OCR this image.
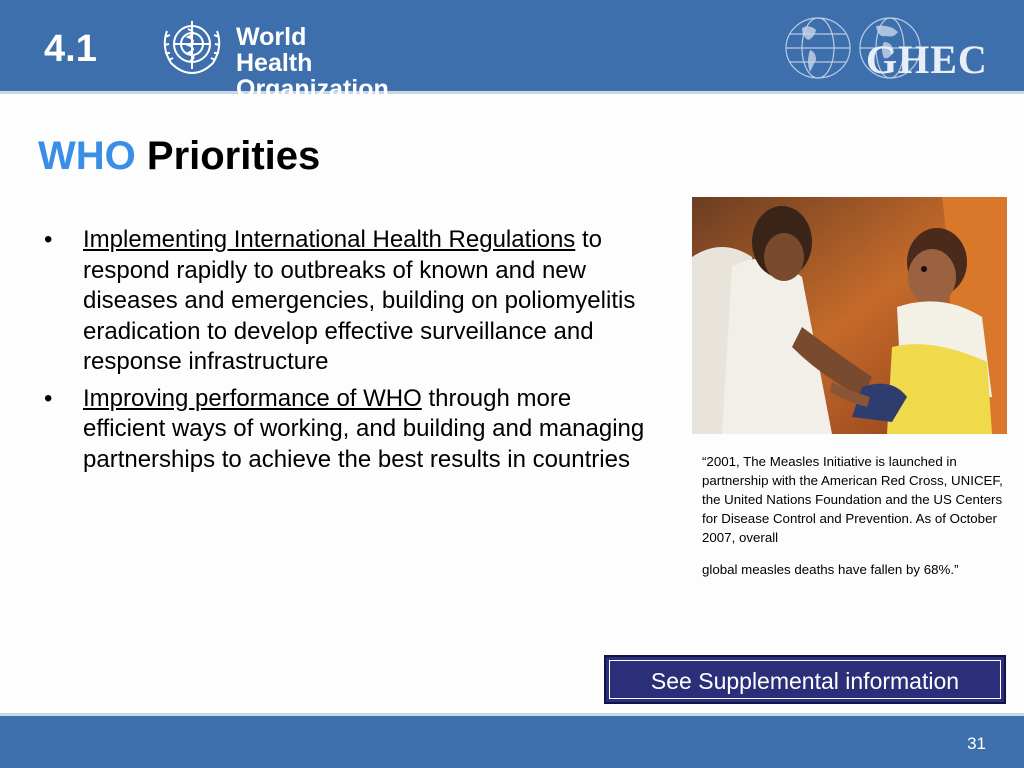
4.1	World Health
Organization
GHEC
WHO Priorities
• Implementing International Health Regulations to respond rapidly to outbreaks of known and new diseases and emergencies, building on poliomyelitis eradication to develop effective surveillance and response infrastructure
• Improving performance of WHO through more efficient ways of working, and building and managing partnerships to achieve the best results in countries	“2001, The Measles Initiative is launched in partnership with the American Red Cross, UNICEF, the United Nations Foundation and the US Centers for Disease Control and Prevention. As of October 2007, overall
global measles deaths have fallen by 68%.”
See Supplemental information
31
